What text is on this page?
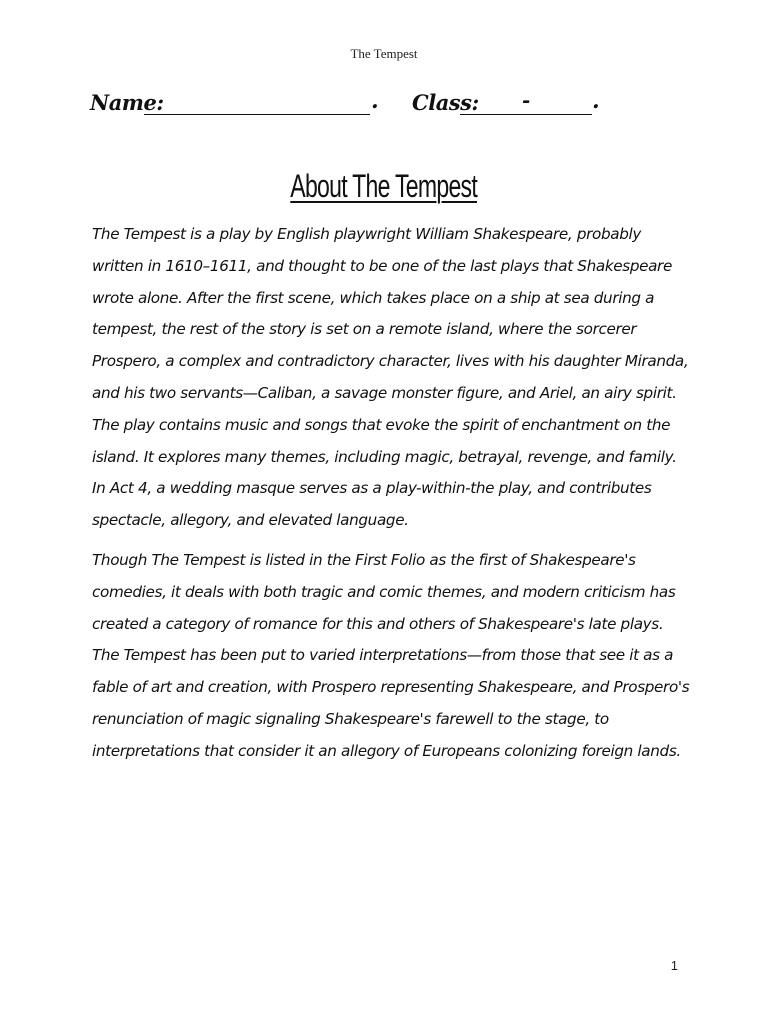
The Tempest
Name:	. Class: -	.
About The Tempest
The Tempest is a play by English playwright William Shakespeare, probably written in 1610–1611, and thought to be one of the last plays that Shakespeare wrote alone. After the first scene, which takes place on a ship at sea during a tempest, the rest of the story is set on a remote island, where the sorcerer Prospero, a complex and contradictory character, lives with his daughter Miranda, and his two servants—Caliban, a savage monster figure, and Ariel, an airy spirit. The play contains music and songs that evoke the spirit of enchantment on the island. It explores many themes, including magic, betrayal, revenge, and family. In Act 4, a wedding masque serves as a play-within-the play, and contributes spectacle, allegory, and elevated language.
Though The Tempest is listed in the First Folio as the first of Shakespeare's comedies, it deals with both tragic and comic themes, and modern criticism has created a category of romance for this and others of Shakespeare's late plays. The Tempest has been put to varied interpretations—from those that see it as a fable of art and creation, with Prospero representing Shakespeare, and Prospero's renunciation of magic signaling Shakespeare's farewell to the stage, to interpretations that consider it an allegory of Europeans colonizing foreign lands.
1
